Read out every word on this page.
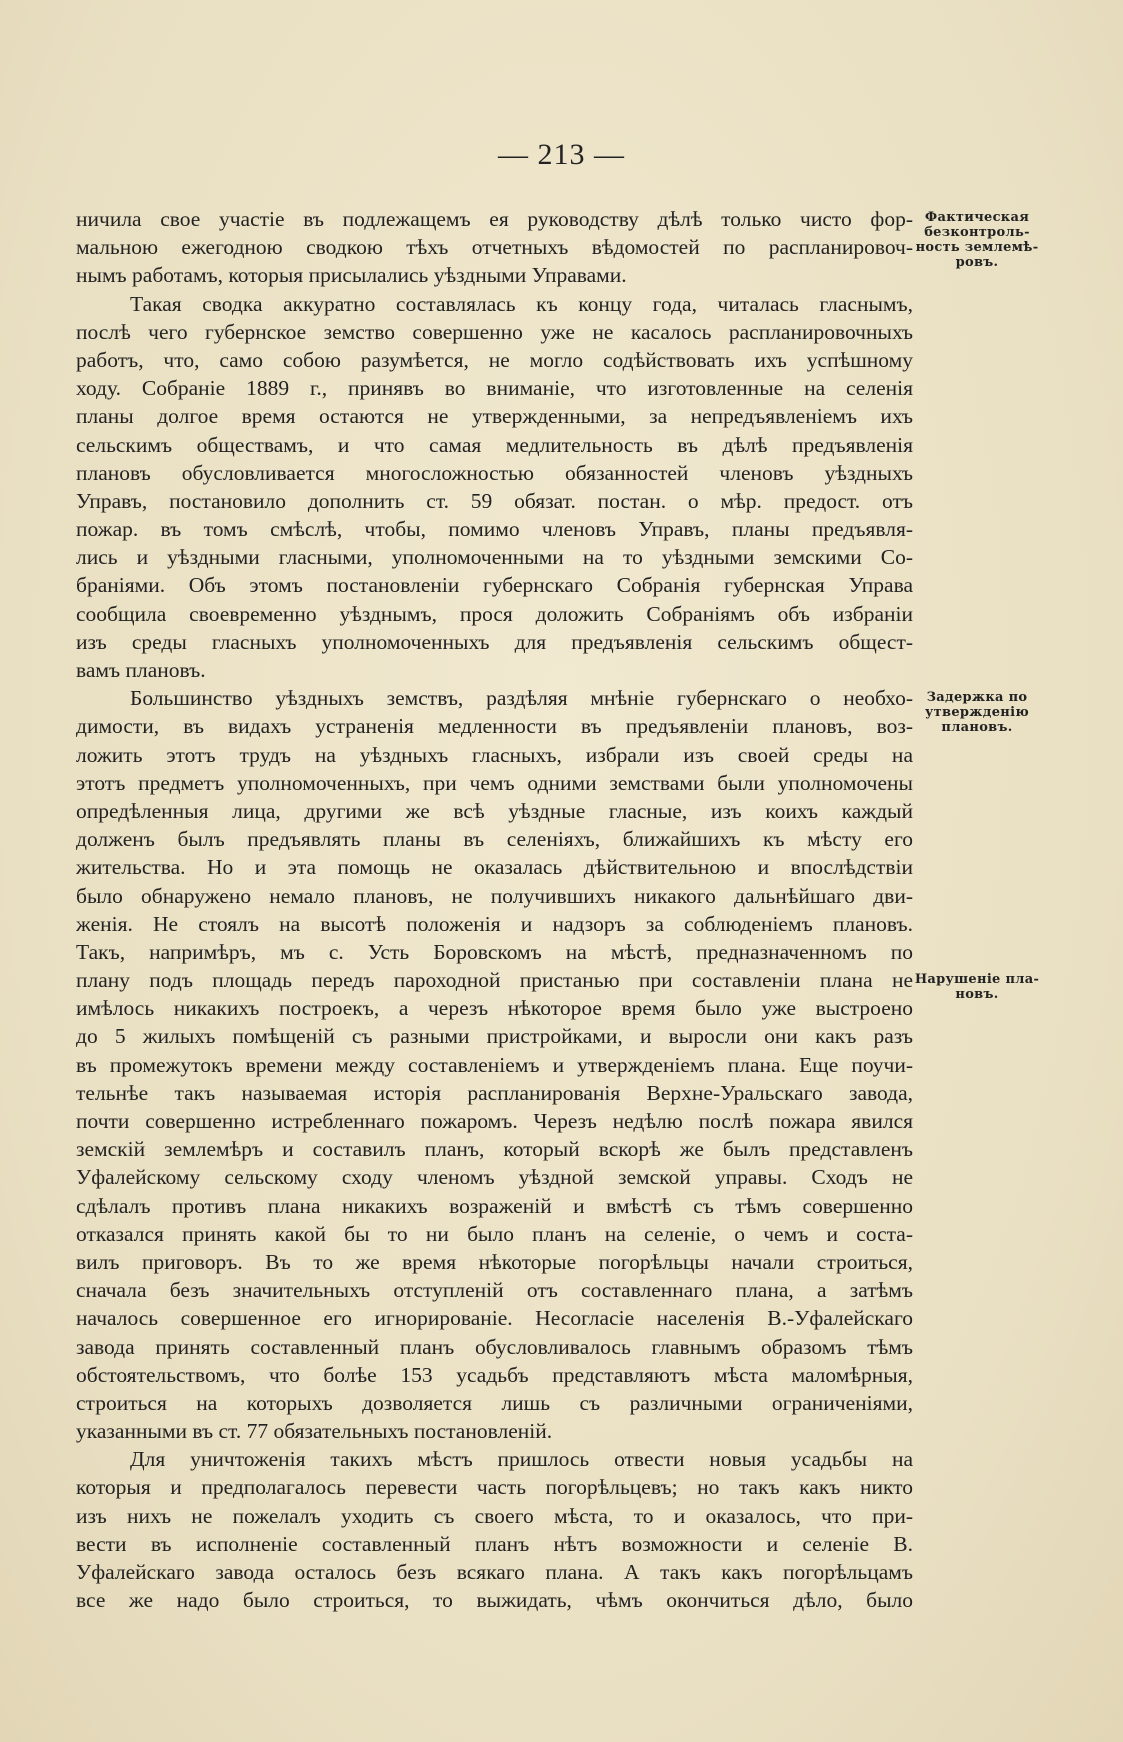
— 213 —
Фактическая
безконтроль-
ность землемѣ-
ровъ.
Задержка по
утвержденiю
плановъ.
Нарушенiе пла-
новъ.
ничила свое участiе въ подлежащемъ ея руководству дѣлѣ только чисто фор-
мальною ежегодною сводкою тѣхъ отчетныхъ вѣдомостей по распланировоч-
нымъ работамъ, которыя присылались уѣздными Управами.
Такая сводка аккуратно составлялась къ концу года, читалась гласнымъ,
послѣ чего губернское земство совершенно уже не касалось распланировочныхъ
работъ, что, само собою разумѣется, не могло содѣйствовать ихъ успѣшному
ходу. Собранiе 1889 г., принявъ во вниманiе, что изготовленные на селенiя
планы долгое время остаются не утвержденными, за непредъявленiемъ ихъ
сельскимъ обществамъ, и что самая медлительность въ дѣлѣ предъявленiя
плановъ обусловливается многосложностью обязанностей членовъ уѣздныхъ
Управъ, постановило дополнить ст. 59 обязат. постан. о мѣр. предост. отъ
пожар. въ томъ смѣслѣ, чтобы, помимо членовъ Управъ, планы предъявля-
лись и уѣздными гласными, уполномоченными на то уѣздными земскими Со-
бранiями. Объ этомъ постановленiи губернскаго Собранiя губернская Управа
сообщила своевременно уѣзднымъ, прося доложить Собранiямъ объ избранiи
изъ среды гласныхъ уполномоченныхъ для предъявленiя сельскимъ общест-
вамъ плановъ.
Большинство уѣздныхъ земствъ, раздѣляя мнѣнiе губернскаго о необхо-
димости, въ видахъ устраненiя медленности въ предъявленiи плановъ, воз-
ложить этотъ трудъ на уѣздныхъ гласныхъ, избрали изъ своей среды на
этотъ предметъ уполномоченныхъ, при чемъ одними земствами были уполномочены
опредѣленныя лица, другими же всѣ уѣздные гласные, изъ коихъ каждый
долженъ былъ предъявлять планы въ селенiяхъ, ближайшихъ къ мѣсту его
жительства. Но и эта помощь не оказалась дѣйствительною и впослѣдствiи
было обнаружено немало плановъ, не получившихъ никакого дальнѣйшаго дви-
женiя. Не стоялъ на высотѣ положенiя и надзоръ за соблюденiемъ плановъ.
Такъ, напримѣръ, мъ с. Усть Боровскомъ на мѣстѣ, предназначенномъ по
плану подъ площадь передъ пароходной пристанью при составленiи плана не
имѣлось никакихъ построекъ, а черезъ нѣкоторое время было уже выстроено
до 5 жилыхъ помѣщенiй съ разными пристройками, и выросли они какъ разъ
въ промежутокъ времени между составленiемъ и утвержденiемъ плана. Еще поучи-
тельнѣе такъ называемая исторiя распланированiя Верхне-Уральскаго завода,
почти совершенно истребленнаго пожаромъ. Черезъ недѣлю послѣ пожара явился
земскiй землемѣръ и составилъ планъ, который вскорѣ же былъ представленъ
Уфалейскому сельскому сходу членомъ уѣздной земской управы. Сходъ не
сдѣлалъ противъ плана никакихъ возраженiй и вмѣстѣ съ тѣмъ совершенно
отказался принять какой бы то ни было планъ на селенiе, о чемъ и соста-
вилъ приговоръ. Въ то же время нѣкоторые погорѣльцы начали строиться,
сначала безъ значительныхъ отступленiй отъ составленнаго плана, а затѣмъ
началось совершенное его игнорированiе. Несогласiе населенiя В.-Уфалейскаго
завода принять составленный планъ обусловливалось главнымъ образомъ тѣмъ
обстоятельствомъ, что болѣе 153 усадьбъ представляютъ мѣста маломѣрныя,
строиться на которыхъ дозволяется лишь съ различными ограниченiями,
указанными въ ст. 77 обязательныхъ постановленiй.
Для уничтоженiя такихъ мѣстъ пришлось отвести новыя усадьбы на
которыя и предполагалось перевести часть погорѣльцевъ; но такъ какъ никто
изъ нихъ не пожелалъ уходить съ своего мѣста, то и оказалось, что при-
вести въ исполненiе составленный планъ нѣтъ возможности и селенiе В.
Уфалейскаго завода осталось безъ всякаго плана. А такъ какъ погорѣльцамъ
все же надо было строиться, то выжидать, чѣмъ окончиться дѣло, было
